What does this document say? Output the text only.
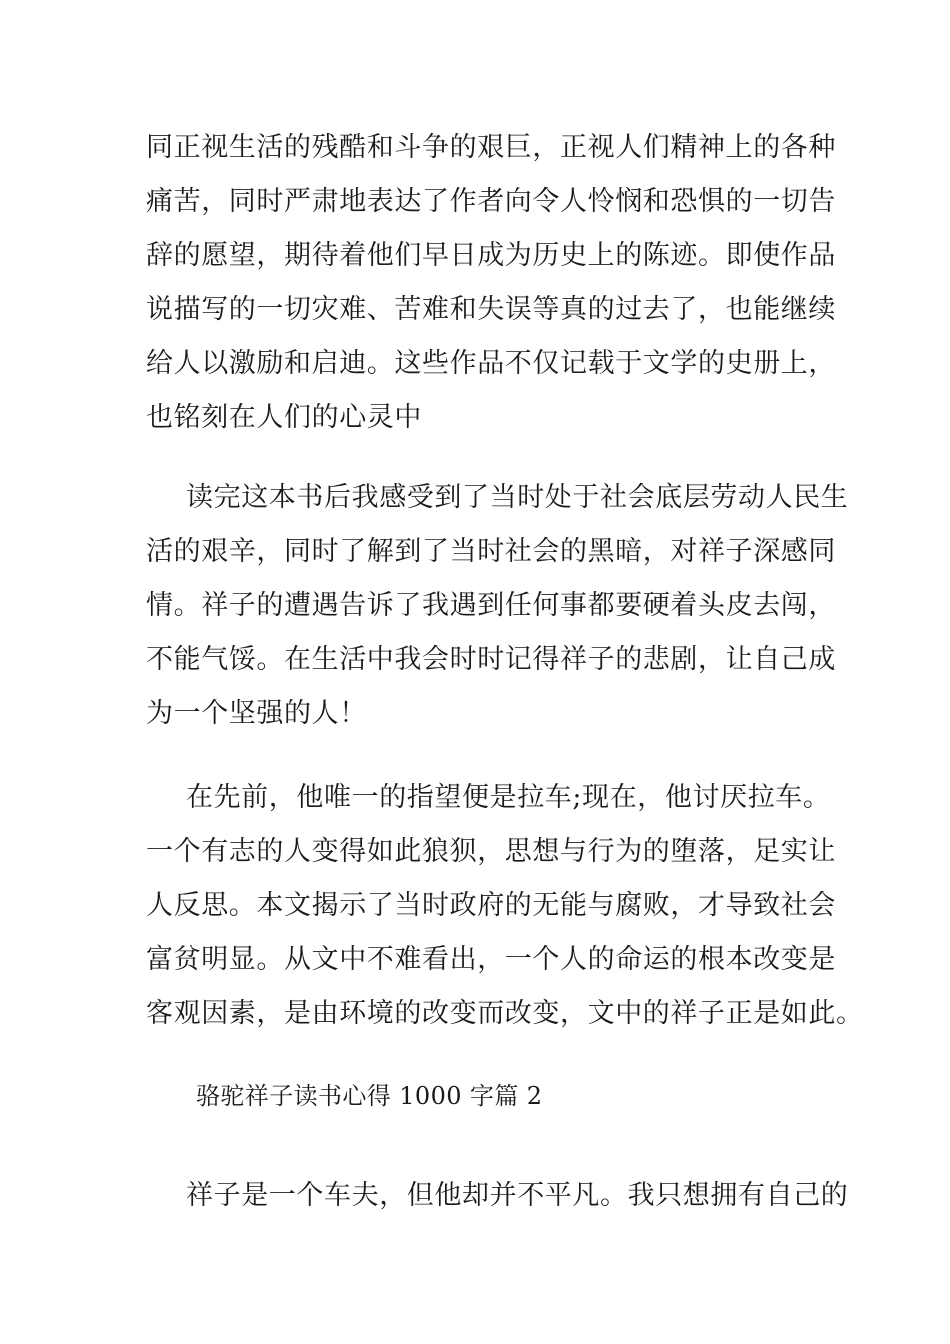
同正视生活的残酷和斗争的艰巨，正视人们精神上的各种
痛苦，同时严肃地表达了作者向令人怜悯和恐惧的一切告
辞的愿望，期待着他们早日成为历史上的陈迹。即使作品
说描写的一切灾难、苦难和失误等真的过去了，也能继续
给人以激励和启迪。这些作品不仅记载于文学的史册上，
也铭刻在人们的心灵中
读完这本书后我感受到了当时处于社会底层劳动人民生
活的艰辛，同时了解到了当时社会的黑暗，对祥子深感同
情。祥子的遭遇告诉了我遇到任何事都要硬着头皮去闯，
不能气馁。在生活中我会时时记得祥子的悲剧，让自己成
为一个坚强的人！
在先前，他唯一的指望便是拉车;现在，他讨厌拉车。
一个有志的人变得如此狼狈，思想与行为的堕落，足实让
人反思。本文揭示了当时政府的无能与腐败，才导致社会
富贫明显。从文中不难看出，一个人的命运的根本改变是
客观因素，是由环境的改变而改变，文中的祥子正是如此。
骆驼祥子读书心得 1000 字篇 2
祥子是一个车夫，但他却并不平凡。我只想拥有自己的
